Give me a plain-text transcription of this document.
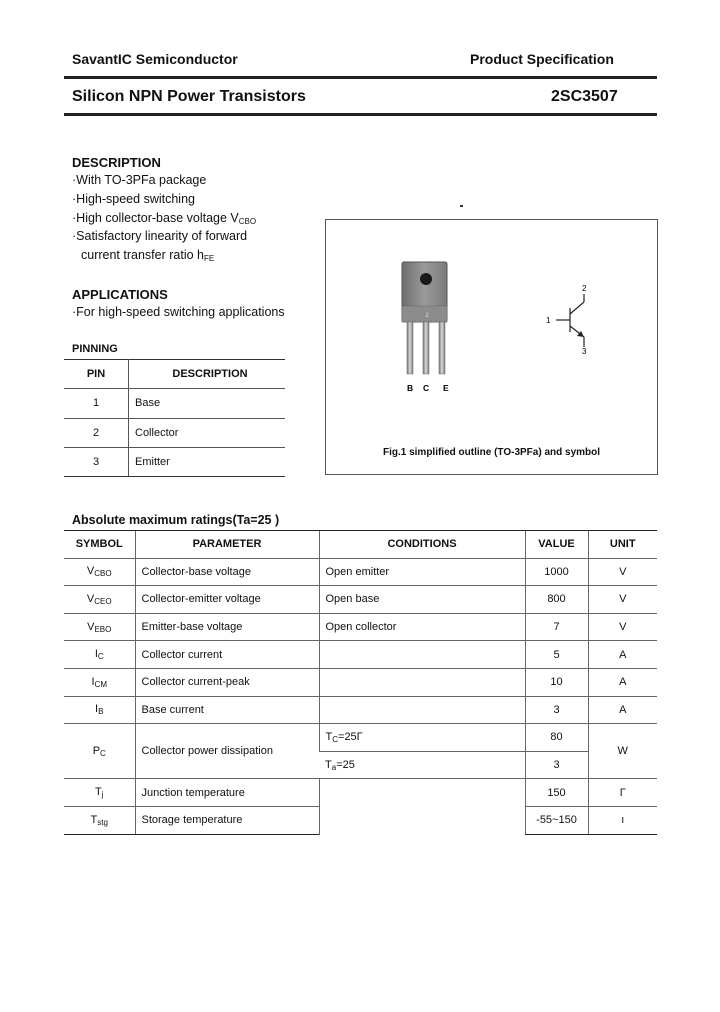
SavantIC Semiconductor	Product Specification
Silicon NPN Power Transistors	2SC3507
DESCRIPTION
·With TO-3PFa package
·High-speed switching
·High collector-base voltage $V_{CBO}$
·Satisfactory linearity of forward
current transfer ratio $h_{FE}$
APPLICATIONS
·For high-speed switching applications
PINNING
PIN	DESCRIPTION
1	Base
2	Collector
3	Emitter
2
B C E
2
1
3
Fig.1 simplified outline (TO-3PFa) and symbol
Absolute maximum ratings(Ta=25 )
SYMBOL	PARAMETER	CONDITIONS	VALUE	UNIT
$V_{CBO}$	Collector-base voltage	Open emitter	1000	V
$V_{CEO}$	Collector-emitter voltage	Open base	800	V
$V_{EBO}$	Emitter-base voltage	Open collector	7	V
$I_C$	Collector current		5	A
$I_{CM}$	Collector current-peak		10	A
$I_B$	Base current		3	A
$P_C$	Collector power dissipation	$T_C=25Г$	80	W
		$T_a=25$	3	
$T_j$	Junction temperature		150	Г
$T_{stg}$	Storage temperature		-55~150	ı
